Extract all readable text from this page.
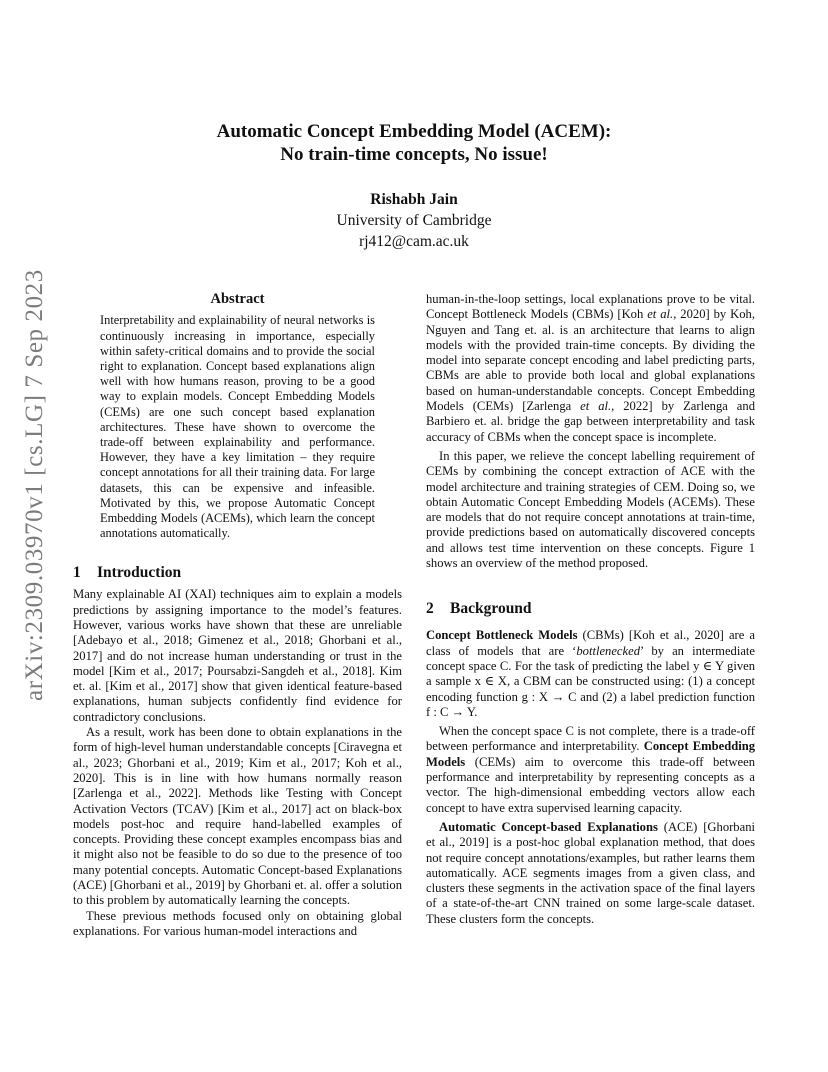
arXiv:2309.03970v1 [cs.LG] 7 Sep 2023
Automatic Concept Embedding Model (ACEM):
No train-time concepts, No issue!
Rishabh Jain
University of Cambridge
rj412@cam.ac.uk
Abstract

Interpretability and explainability of neural networks is continuously increasing in importance, especially within safety-critical domains and to provide the social right to explanation. Concept based explanations align well with how humans reason, proving to be a good way to explain models. Concept Embedding Models (CEMs) are one such concept based explanation architectures. These have shown to overcome the trade-off between explainability and performance. However, they have a key limitation – they require concept annotations for all their training data. For large datasets, this can be expensive and infeasible. Motivated by this, we propose Automatic Concept Embedding Models (ACEMs), which learn the concept annotations automatically.

1 Introduction

Many explainable AI (XAI) techniques aim to explain a models predictions by assigning importance to the model’s features. However, various works have shown that these are unreliable [Adebayo et al., 2018; Gimenez et al., 2018; Ghorbani et al., 2017] and do not increase human understanding or trust in the model [Kim et al., 2017; Poursabzi-Sangdeh et al., 2018]. Kim et. al. [Kim et al., 2017] show that given identical feature-based explanations, human subjects confidently find evidence for contradictory conclusions.

As a result, work has been done to obtain explanations in the form of high-level human understandable concepts [Ciravegna et al., 2023; Ghorbani et al., 2019; Kim et al., 2017; Koh et al., 2020]. This is in line with how humans normally reason [Zarlenga et al., 2022]. Methods like Testing with Concept Activation Vectors (TCAV) [Kim et al., 2017] act on black-box models post-hoc and require hand-labelled examples of concepts. Providing these concept examples encompass bias and it might also not be feasible to do so due to the presence of too many potential concepts. Automatic Concept-based Explanations (ACE) [Ghorbani et al., 2019] by Ghorbani et. al. offer a solution to this problem by automatically learning the concepts.

These previous methods focused only on obtaining global explanations. For various human-model interactions and

human-in-the-loop settings, local explanations prove to be vital. Concept Bottleneck Models (CBMs) [Koh et al., 2020] by Koh, Nguyen and Tang et. al. is an architecture that learns to align models with the provided train-time concepts. By dividing the model into separate concept encoding and label predicting parts, CBMs are able to provide both local and global explanations based on human-understandable concepts. Concept Embedding Models (CEMs) [Zarlenga et al., 2022] by Zarlenga and Barbiero et. al. bridge the gap between interpretability and task accuracy of CBMs when the concept space is incomplete.

In this paper, we relieve the concept labelling requirement of CEMs by combining the concept extraction of ACE with the model architecture and training strategies of CEM. Doing so, we obtain Automatic Concept Embedding Models (ACEMs). These are models that do not require concept annotations at train-time, provide predictions based on automatically discovered concepts and allows test time intervention on these concepts. Figure 1 shows an overview of the method proposed.

2 Background

Concept Bottleneck Models (CBMs) [Koh et al., 2020] are a class of models that are ‘bottlenecked’ by an intermediate concept space C. For the task of predicting the label y ∈ Y given a sample x ∈ X, a CBM can be constructed using: (1) a concept encoding function g : X → C and (2) a label prediction function f : C → Y.

When the concept space C is not complete, there is a trade-off between performance and interpretability. Concept Embedding Models (CEMs) aim to overcome this trade-off between performance and interpretability by representing concepts as a vector. The high-dimensional embedding vectors allow each concept to have extra supervised learning capacity.

Automatic Concept-based Explanations (ACE) [Ghorbani et al., 2019] is a post-hoc global explanation method, that does not require concept annotations/examples, but rather learns them automatically. ACE segments images from a given class, and clusters these segments in the activation space of the final layers of a state-of-the-art CNN trained on some large-scale dataset. These clusters form the concepts.
